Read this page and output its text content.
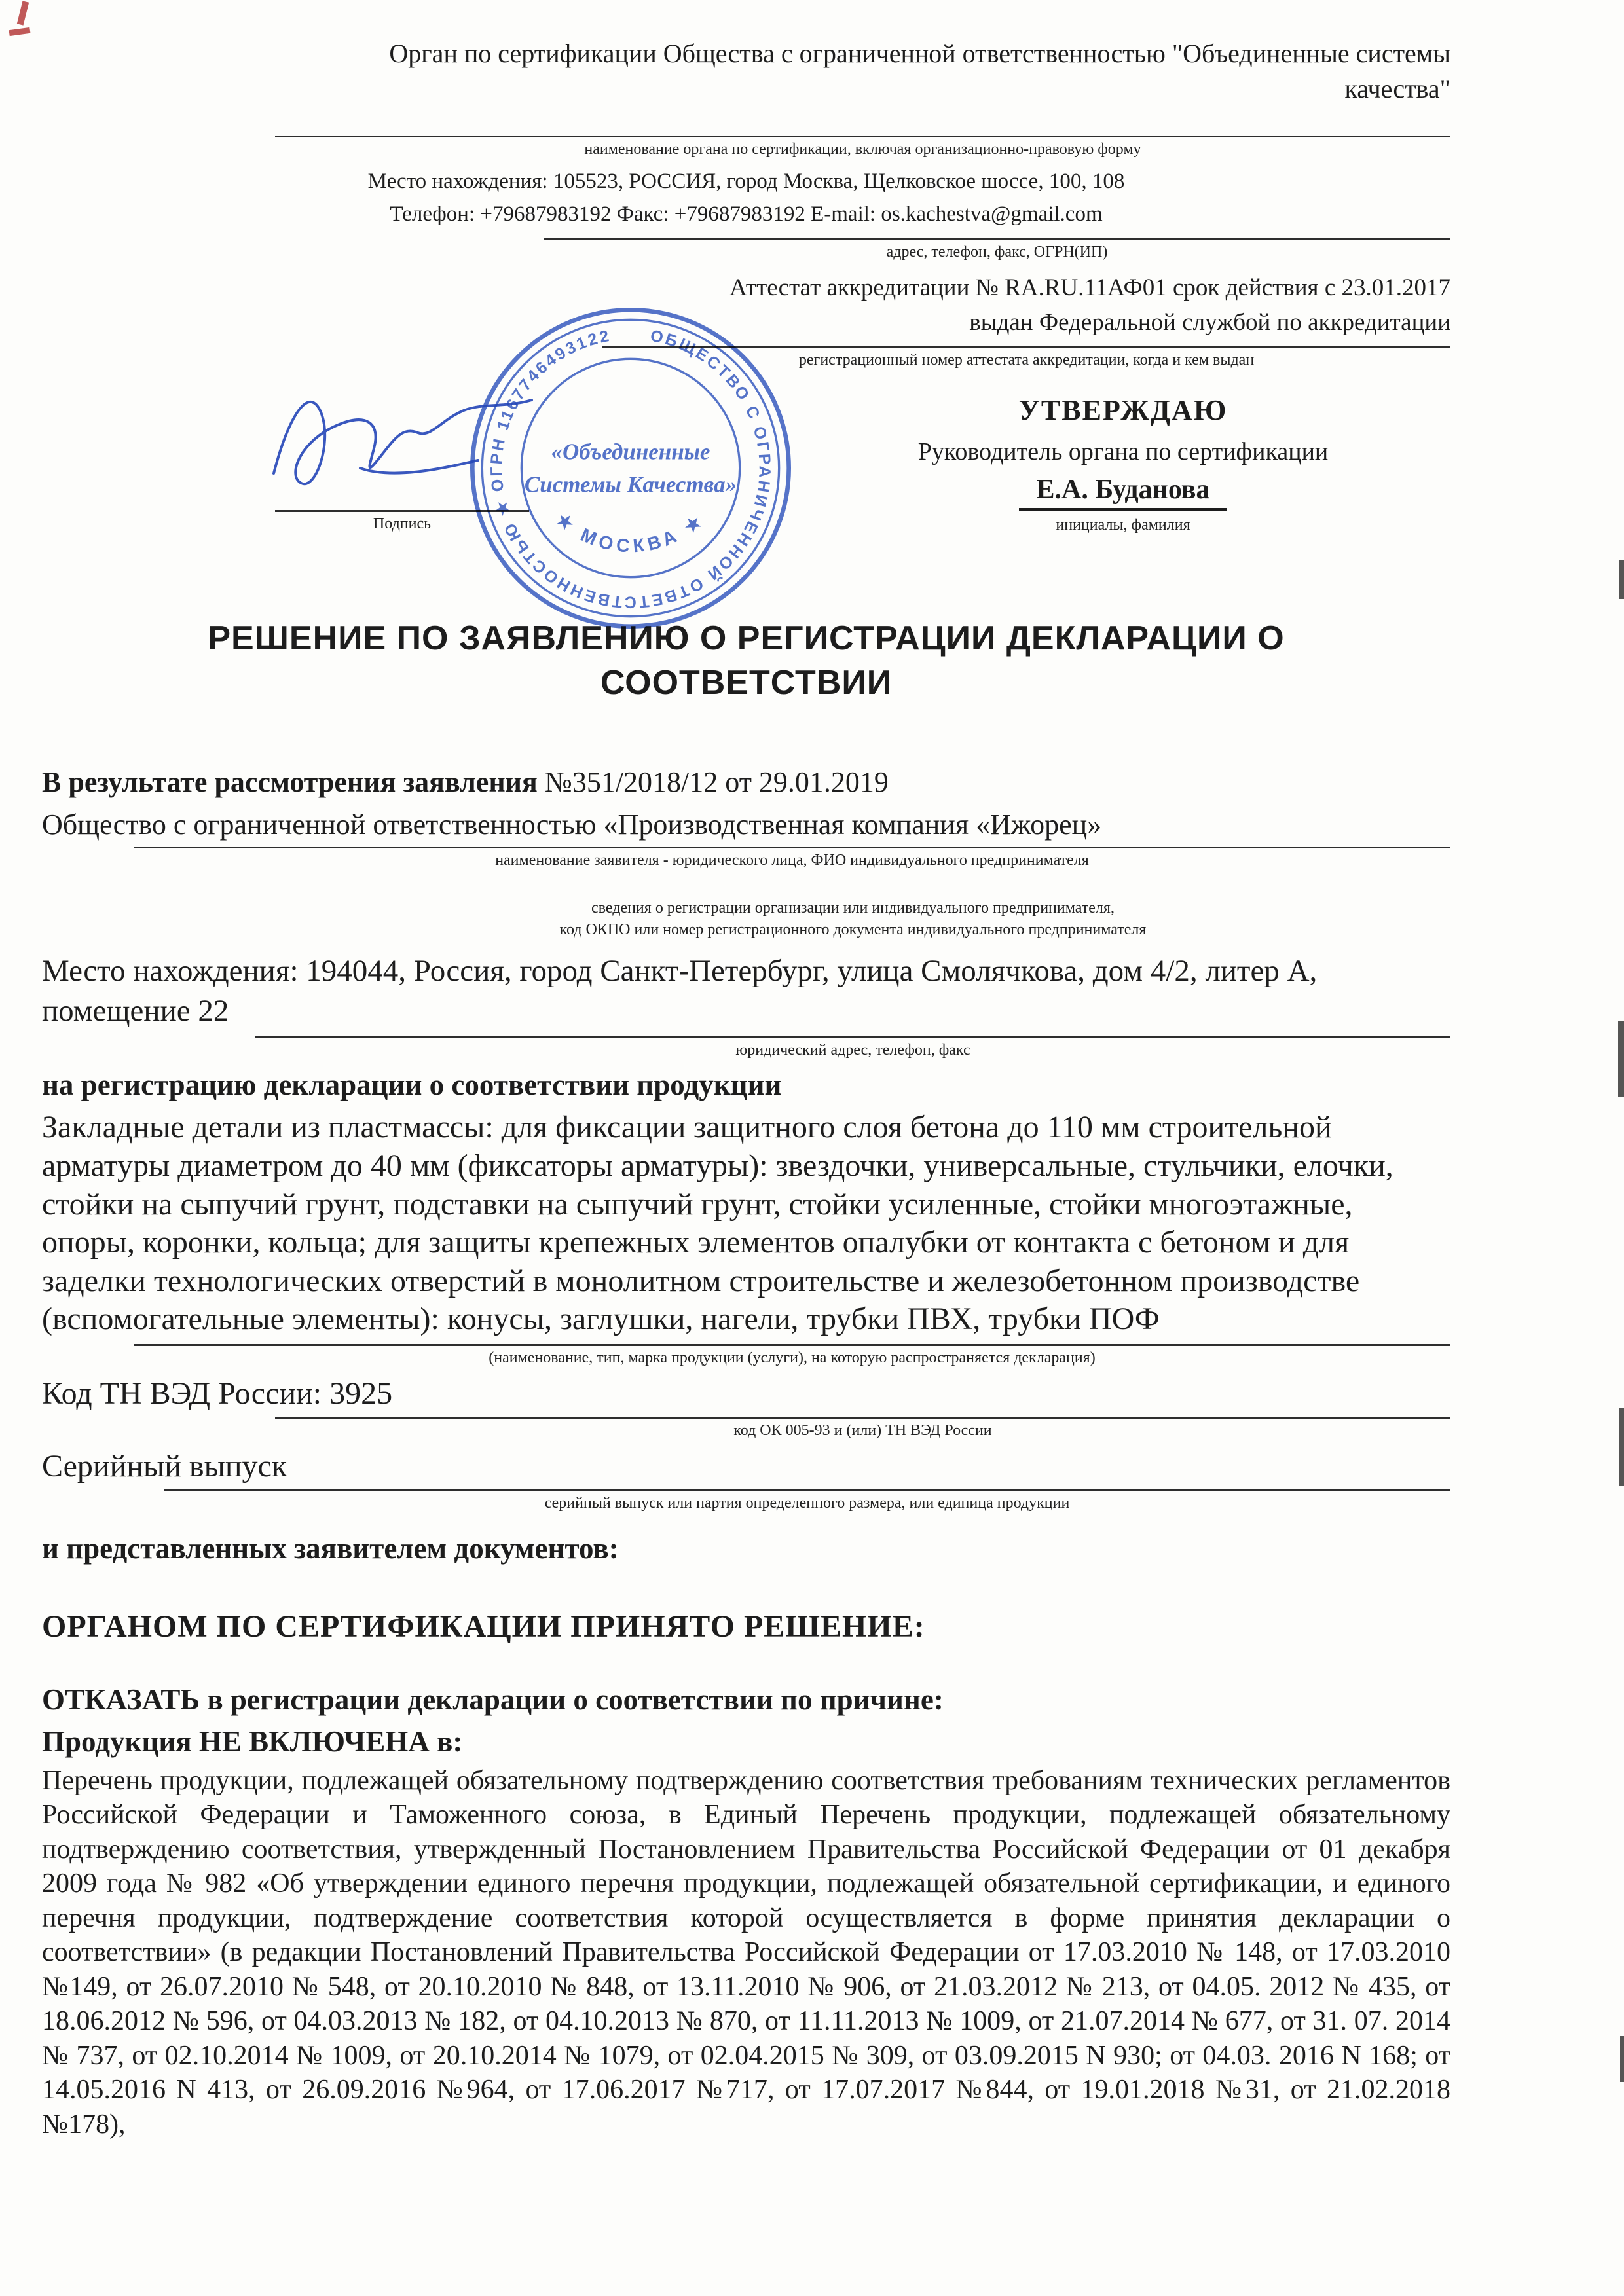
Орган по сертификации Общества с ограниченной ответственностью "Объединенные системы
качества"
наименование органа по сертификации, включая организационно-правовую форму
Место нахождения: 105523, РОССИЯ, город Москва, Щелковское шоссе, 100, 108
Телефон: +79687983192 Факс: +79687983192 E-mail: os.kachestva@gmail.com
адрес, телефон, факс, ОГРН(ИП)
Аттестат аккредитации № RA.RU.11АФ01 срок действия с 23.01.2017
выдан Федеральной службой по аккредитации
регистрационный номер аттестата аккредитации, когда и кем выдан
ОБЩЕСТВО С ОГРАНИЧЕННОЙ ОТВЕТСТВЕННОСТЬЮ ★ ОГРН 1167746493122
★ МОСКВА ★
«Объединенные
Системы Качества»
Подпись
УТВЕРЖДАЮ
Руководитель органа по сертификации
Е.А. Буданова
инициалы, фамилия
РЕШЕНИЕ ПО ЗАЯВЛЕНИЮ О РЕГИСТРАЦИИ ДЕКЛАРАЦИИ О
СООТВЕТСТВИИ

В результате рассмотрения заявления №351/2018/12 от 29.01.2019

Общество с ограниченной ответственностью «Производственная компания «Ижорец»

наименование заявителя - юридического лица, ФИО индивидуального предпринимателя
сведения о регистрации организации или индивидуального предпринимателя,
код ОКПО или номер регистрационного документа индивидуального предпринимателя

Место нахождения: 194044, Россия, город Санкт-Петербург, улица Смолячкова, дом 4/2, литер А, помещение 22

юридический адрес, телефон, факс

на регистрацию декларации о соответствии продукции

Закладные детали из пластмассы: для фиксации защитного слоя бетона до 110 мм строительной арматуры диаметром до 40 мм (фиксаторы арматуры): звездочки, универсальные, стульчики, елочки, стойки на сыпучий грунт, подставки на сыпучий грунт, стойки усиленные, стойки многоэтажные, опоры, коронки, кольца; для защиты крепежных элементов опалубки от контакта с бетоном и для заделки технологических отверстий в монолитном строительстве и железобетонном производстве (вспомогательные элементы): конусы, заглушки, нагели, трубки ПВХ, трубки ПОФ

(наименование, тип, марка продукции (услуги), на которую распространяется декларация)

Код ТН ВЭД России: 3925

код ОК 005-93 и (или) ТН ВЭД России

Серийный выпуск

серийный выпуск или партия определенного размера, или единица продукции

и представленных заявителем документов:

ОРГАНОМ ПО СЕРТИФИКАЦИИ ПРИНЯТО РЕШЕНИЕ:

ОТКАЗАТЬ в регистрации декларации о соответствии по причине:

Продукция НЕ ВКЛЮЧЕНА в:

Перечень продукции, подлежащей обязательному подтверждению соответствия требованиям технических регламентов Российской Федерации и Таможенного союза, в Единый Перечень продукции, подлежащей обязательному подтверждению соответствия, утвержденный Постановлением Правительства Российской Федерации от 01 декабря 2009 года № 982 «Об утверждении единого перечня продукции, подлежащей обязательной сертификации, и единого перечня продукции, подтверждение соответствия которой осуществляется в форме принятия декларации о соответствии» (в редакции Постановлений Правительства Российской Федерации от 17.03.2010 № 148, от 17.03.2010 №149, от 26.07.2010 № 548, от 20.10.2010 № 848, от 13.11.2010 № 906, от 21.03.2012 № 213, от 04.05. 2012 № 435, от 18.06.2012 № 596, от 04.03.2013 № 182, от 04.10.2013 № 870, от 11.11.2013 № 1009, от 21.07.2014 № 677, от 31. 07. 2014 № 737, от 02.10.2014 № 1009, от 20.10.2014 № 1079, от 02.04.2015 № 309, от 03.09.2015 N 930; от 04.03. 2016 N 168; от 14.05.2016 N 413, от 26.09.2016 №964, от 17.06.2017 №717, от 17.07.2017 №844, от 19.01.2018 №31, от 21.02.2018 №178),
